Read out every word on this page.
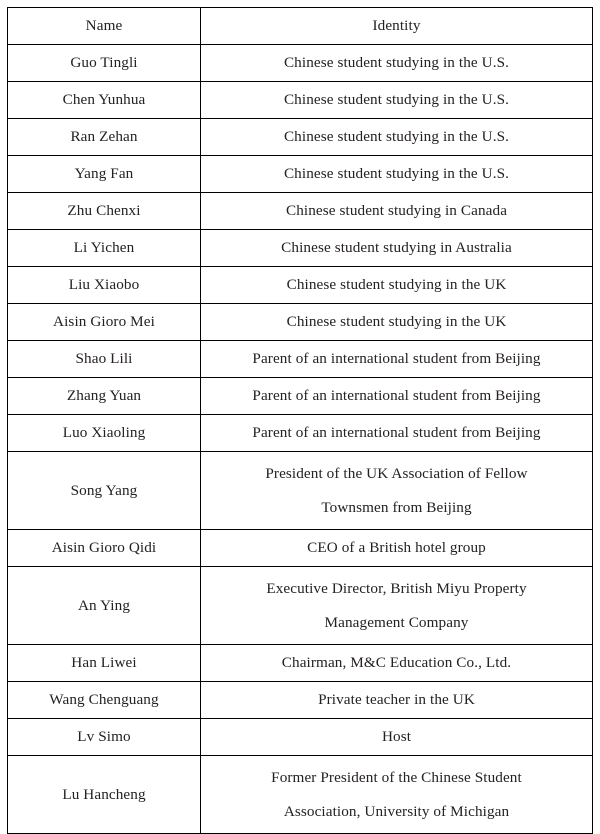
Name	Identity
Guo Tingli	Chinese student studying in the U.S.

Chen Yunhua	Chinese student studying in the U.S.

Ran Zehan	Chinese student studying in the U.S.

Yang Fan	Chinese student studying in the U.S.

Zhu Chenxi	Chinese student studying in Canada

Li Yichen	Chinese student studying in Australia

Liu Xiaobo	Chinese student studying in the UK

Aisin Gioro Mei	Chinese student studying in the UK

Shao Lili	Parent of an international student from Beijing

Zhang Yuan	Parent of an international student from Beijing

Luo Xiaoling	Parent of an international student from Beijing

Song Yang	President of the UK Association of Fellow
Townsmen from Beijing

Aisin Gioro Qidi	CEO of a British hotel group

An Ying	Executive Director, British Miyu Property
Management Company

Han Liwei	Chairman, M&C Education Co., Ltd.

Wang Chenguang	Private teacher in the UK

Lv Simo	Host

Lu Hancheng	Former President of the Chinese Student
Association, University of Michigan
